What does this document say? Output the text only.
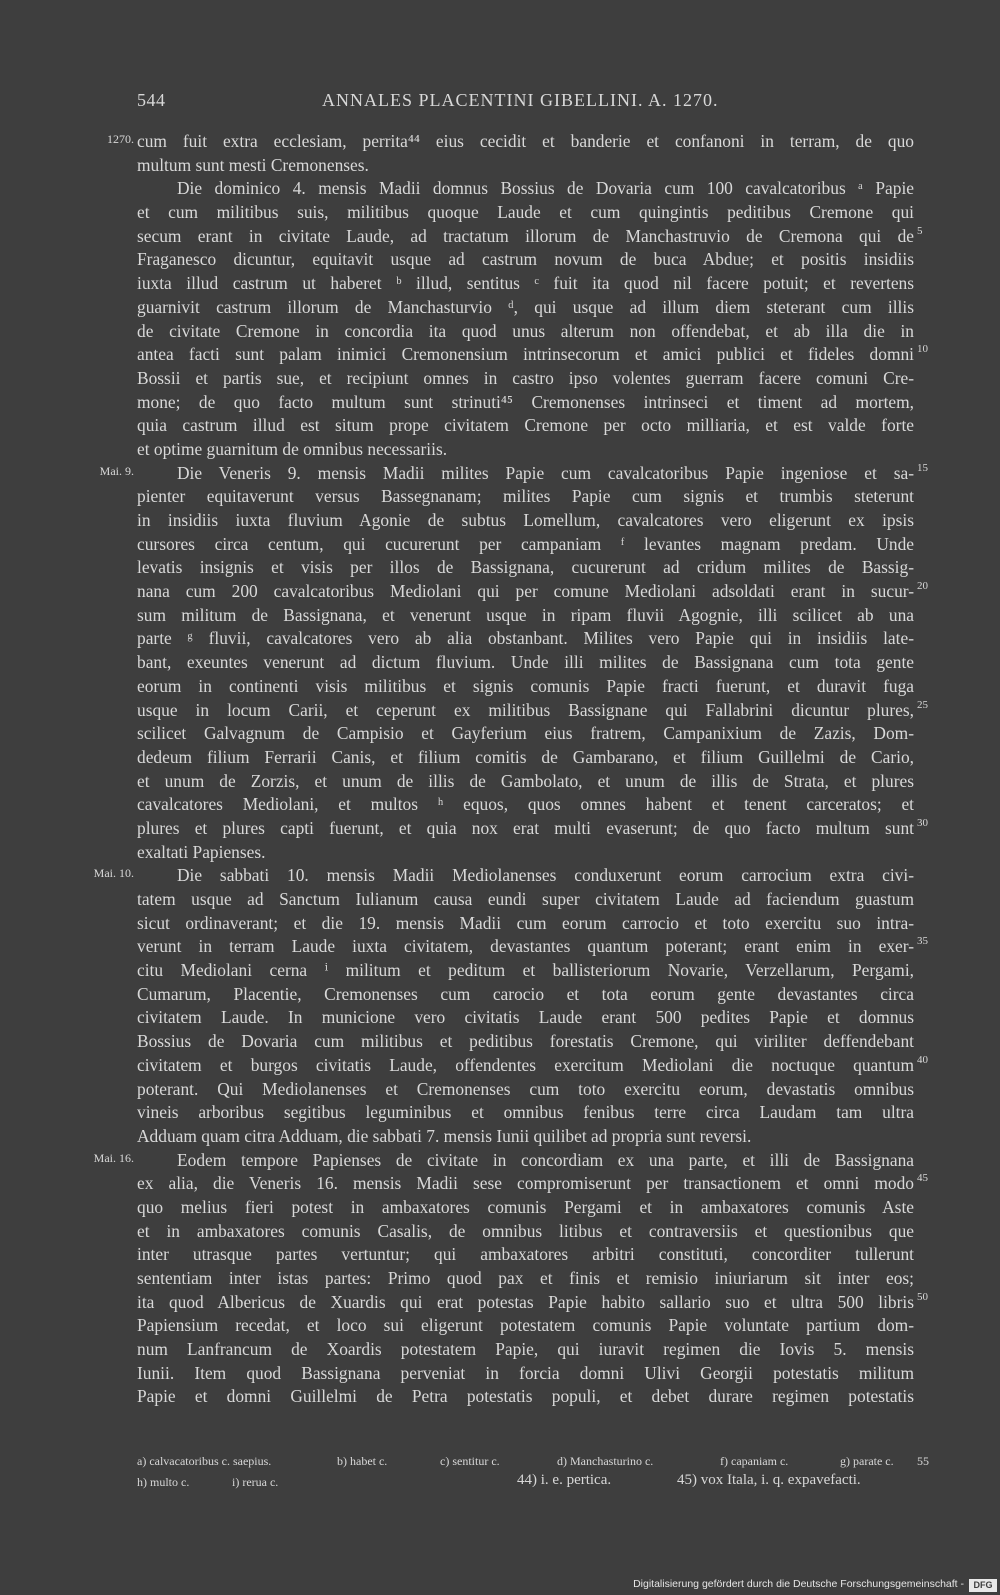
544	ANNALES PLACENTINI GIBELLINI. A. 1270.
1270. cum fuit extra ecclesiam, perrita⁴⁴ eius cecidit et banderie et confanoni in terram, de quo
multum sunt mesti Cremonenses.
Die dominico 4. mensis Madii domnus Bossius de Dovaria cum 100 cavalcatoribus ᵃ Papie
et cum militibus suis, militibus quoque Laude et cum quingintis peditibus Cremone qui
secum erant in civitate Laude, ad tractatum illorum de Manchastruvio de Cremona qui de 5
Fraganesco dicuntur, equitavit usque ad castrum novum de buca Abdue; et positis insidiis
iuxta illud castrum ut haberet ᵇ illud, sentitus ᶜ fuit ita quod nil facere potuit; et revertens
guarnivit castrum illorum de Manchasturvio ᵈ, qui usque ad illum diem steterant cum illis
de civitate Cremone in concordia ita quod unus alterum non offendebat, et ab illa die in
antea facti sunt palam inimici Cremonensium intrinsecorum et amici publici et fideles domni 10
Bossii et partis sue, et recipiunt omnes in castro ipso volentes guerram facere comuni Cre-
mone; de quo facto multum sunt strinuti⁴⁵ Cremonenses intrinseci et timent ad mortem,
quia castrum illud est situm prope civitatem Cremone per octo milliaria, et est valde forte
et optime guarnitum de omnibus necessariis.
Mai. 9. Die Veneris 9. mensis Madii milites Papie cum cavalcatoribus Papie ingeniose et sa- 15
pienter equitaverunt versus Bassegnanam; milites Papie cum signis et trumbis steterunt
in insidiis iuxta fluvium Agonie de subtus Lomellum, cavalcatores vero eligerunt ex ipsis
cursores circa centum, qui cucurerunt per campaniam ᶠ levantes magnam predam. Unde
levatis insignis et visis per illos de Bassignana, cucurerunt ad cridum milites de Bassig-
nana cum 200 cavalcatoribus Mediolani qui per comune Mediolani adsoldati erant in sucur- 20
sum militum de Bassignana, et venerunt usque in ripam fluvii Agognie, illi scilicet ab una
parte ᵍ fluvii, cavalcatores vero ab alia obstanbant. Milites vero Papie qui in insidiis late-
bant, exeuntes venerunt ad dictum fluvium. Unde illi milites de Bassignana cum tota gente
eorum in continenti visis militibus et signis comunis Papie fracti fuerunt, et duravit fuga
usque in locum Carii, et ceperunt ex militibus Bassignane qui Fallabrini dicuntur plures, 25
scilicet Galvagnum de Campisio et Gayferium eius fratrem, Campanixium de Zazis, Dom-
dedeum filium Ferrarii Canis, et filium comitis de Gambarano, et filium Guillelmi de Cario,
et unum de Zorzis, et unum de illis de Gambolato, et unum de illis de Strata, et plures
cavalcatores Mediolani, et multos ʰ equos, quos omnes habent et tenent carceratos; et
plures et plures capti fuerunt, et quia nox erat multi evaserunt; de quo facto multum sunt 30
exaltati Papienses.
Mai. 10. Die sabbati 10. mensis Madii Mediolanenses conduxerunt eorum carrocium extra civi-
tatem usque ad Sanctum Iulianum causa eundi super civitatem Laude ad faciendum guastum
sicut ordinaverant; et die 19. mensis Madii cum eorum carrocio et toto exercitu suo intra-
verunt in terram Laude iuxta civitatem, devastantes quantum poterant; erant enim in exer- 35
citu Mediolani cerna ⁱ militum et peditum et ballisteriorum Novarie, Verzellarum, Pergami,
Cumarum, Placentie, Cremonenses cum carocio et tota eorum gente devastantes circa
civitatem Laude. In municione vero civitatis Laude erant 500 pedites Papie et domnus
Bossius de Dovaria cum militibus et peditibus forestatis Cremone, qui viriliter deffendebant
civitatem et burgos civitatis Laude, offendentes exercitum Mediolani die noctuque quantum 40
poterant. Qui Mediolanenses et Cremonenses cum toto exercitu eorum, devastatis omnibus
vineis arboribus segitibus leguminibus et omnibus fenibus terre circa Laudam tam ultra
Adduam quam citra Adduam, die sabbati 7. mensis Iunii quilibet ad propria sunt reversi.
Mai. 16. Eodem tempore Papienses de civitate in concordiam ex una parte, et illi de Bassignana
ex alia, die Veneris 16. mensis Madii sese compromiserunt per transactionem et omni modo 45
quo melius fieri potest in ambaxatores comunis Pergami et in ambaxatores comunis Aste
et in ambaxatores comunis Casalis, de omnibus litibus et contraversiis et questionibus que
inter utrasque partes vertuntur; qui ambaxatores arbitri constituti, concorditer tullerunt
sententiam inter istas partes: Primo quod pax et finis et remisio iniuriarum sit inter eos;
ita quod Albericus de Xuardis qui erat potestas Papie habito sallario suo et ultra 500 libris 50
Papiensium recedat, et loco sui eligerunt potestatem comunis Papie voluntate partium dom-
num Lanfrancum de Xoardis potestatem Papie, qui iuravit regimen die Iovis 5. mensis
Iunii. Item quod Bassignana perveniat in forcia domni Ulivi Georgii potestatis militum
Papie et domni Guillelmi de Petra potestatis populi, et debet durare regimen potestatis
a) calvacatoribus c. saepius.	b) habet c.	c) sentitur c.	d) Manchasturino c.	f) capaniam c.	g) parate c. 55
h) multo c.	i) rerua c.	44) i. e. pertica.	45) vox Itala, i. q. expavefacti.
Digitalisierung gefördert durch die Deutsche Forschungsgemeinschaft -	DFG
